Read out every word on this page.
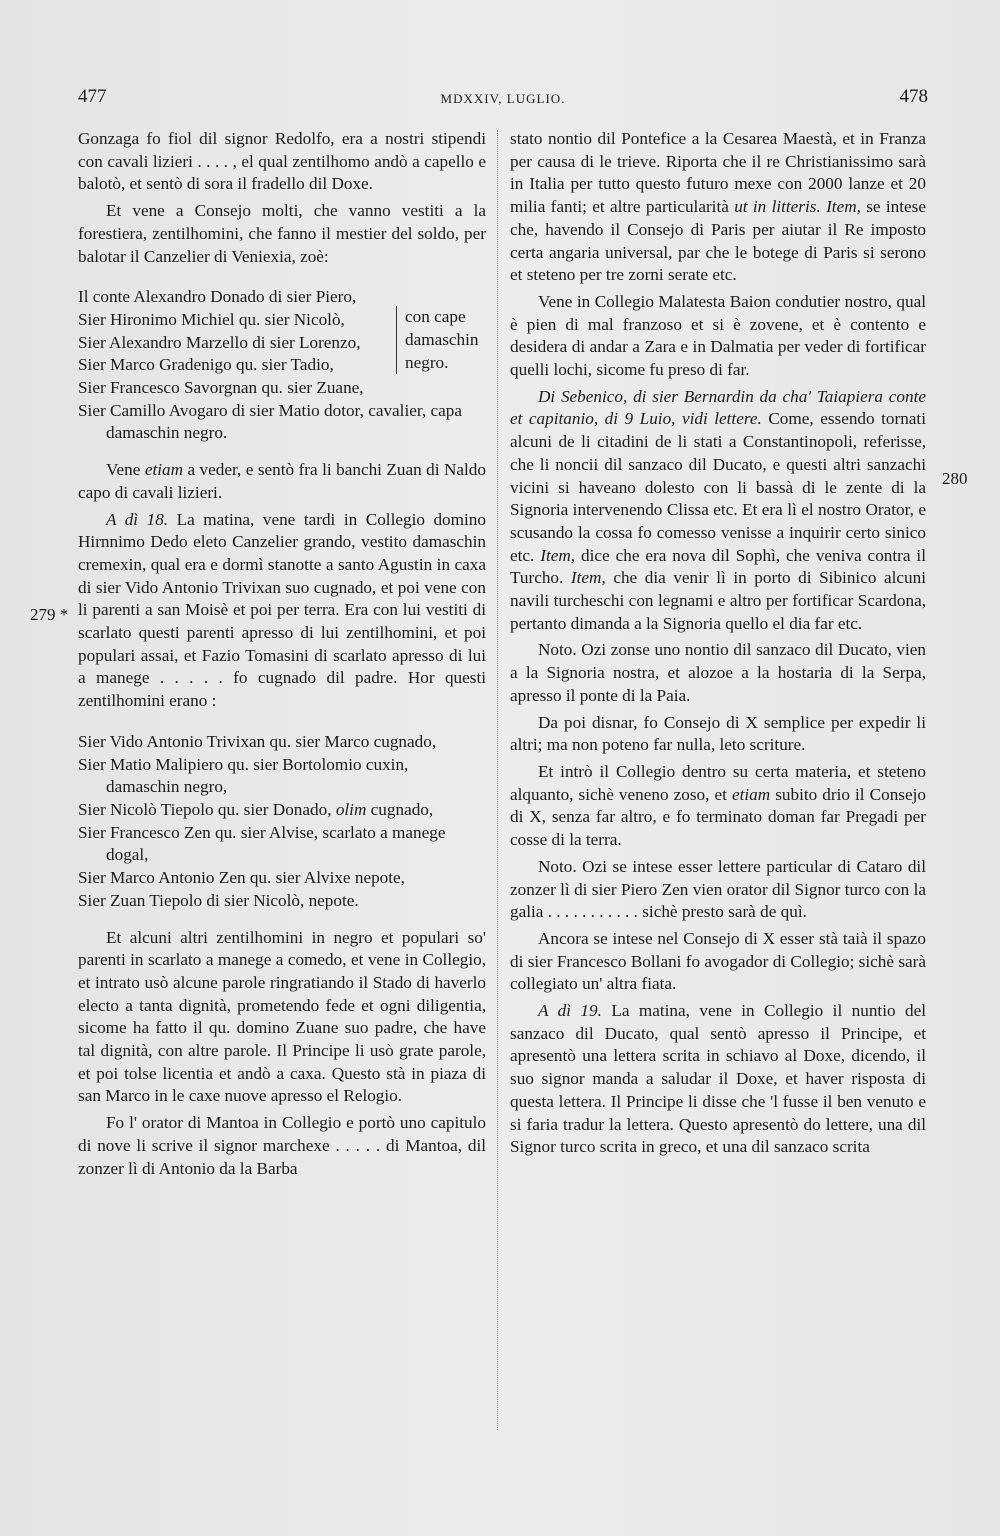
477	MDXXIV, LUGLIO.	478
279 *
280

Gonzaga fo fiol dil signor Redolfo, era a nostri stipendi con cavali lizieri . . . . , el qual zentilhomo andò a capello e balotò, et sentò di sora il fradello dil Doxe.

Et vene a Consejo molti, che vanno vestiti a la forestiera, zentilhomini, che fanno il mestier del soldo, per balotar il Canzelier di Veniexia, zoè:

Il conte Alexandro Donado di sier Piero,
Sier Hironimo Michiel qu. sier Nicolò,
Sier Alexandro Marzello di sier Lorenzo,
Sier Marco Gradenigo qu. sier Tadio,
con cape damaschin negro.
Sier Francesco Savorgnan qu. sier Zuane,
Sier Camillo Avogaro di sier Matio dotor, cavalier, capa damaschin negro.

Vene etiam a veder, e sentò fra li banchi Zuan di Naldo capo di cavali lizieri.

A dì 18. La matina, vene tardi in Collegio domino Hirnnimo Dedo eleto Canzelier grando, vestito damaschin cremexin, qual era e dormì stanotte a santo Agustin in caxa di sier Vido Antonio Trivixan suo cugnado, et poi vene con li parenti a san Moisè et poi per terra. Era con lui vestiti di scarlato questi parenti apresso di lui zentilhomini, et poi populari assai, et Fazio Tomasini di scarlato apresso di lui a manege . . . . . fo cugnado dil padre. Hor questi zentilhomini erano :

Sier Vido Antonio Trivixan qu. sier Marco cugnado,
Sier Matio Malipiero qu. sier Bortolomio cuxin, damaschin negro,
Sier Nicolò Tiepolo qu. sier Donado, olim cugnado,
Sier Francesco Zen qu. sier Alvise, scarlato a manege dogal,
Sier Marco Antonio Zen qu. sier Alvixe nepote,
Sier Zuan Tiepolo di sier Nicolò, nepote.

Et alcuni altri zentilhomini in negro et populari so' parenti in scarlato a manege a comedo, et vene in Collegio, et intrato usò alcune parole ringratiando il Stado di haverlo electo a tanta dignità, prometendo fede et ogni diligentia, sicome ha fatto il qu. domino Zuane suo padre, che have tal dignità, con altre parole. Il Principe li usò grate parole, et poi tolse licentia et andò a caxa. Questo stà in piaza di san Marco in le caxe nuove apresso el Relogio.

Fo l' orator di Mantoa in Collegio e portò uno capitulo di nove li scrive il signor marchexe . . . . . di Mantoa, dil zonzer lì di Antonio da la Barba

stato nontio dil Pontefice a la Cesarea Maestà, et in Franza per causa di le trieve. Riporta che il re Christianissimo sarà in Italia per tutto questo futuro mexe con 2000 lanze et 20 milia fanti; et altre particularità ut in litteris. Item, se intese che, havendo il Consejo di Paris per aiutar il Re imposto certa angaria universal, par che le botege di Paris si serono et steteno per tre zorni serate etc.

Vene in Collegio Malatesta Baion condutier nostro, qual è pien di mal franzoso et si è zovene, et è contento e desidera di andar a Zara e in Dalmatia per veder di fortificar quelli lochi, sicome fu preso di far.

Di Sebenico, di sier Bernardin da cha' Taiapiera conte et capitanio, di 9 Luio, vidi lettere. Come, essendo tornati alcuni de li citadini de li stati a Constantinopoli, referisse, che li noncii dil sanzaco dil Ducato, e questi altri sanzachi vicini si haveano dolesto con li bassà di le zente di la Signoria intervenendo Clissa etc. Et era lì el nostro Orator, e scusando la cossa fo comesso venisse a inquirir certo sinico etc. Item, dice che era nova dil Sophì, che veniva contra il Turcho. Item, che dia venir lì in porto di Sibinico alcuni navili turcheschi con legnami e altro per fortificar Scardona, pertanto dimanda a la Signoria quello el dia far etc.

Noto. Ozi zonse uno nontio dil sanzaco dil Ducato, vien a la Signoria nostra, et alozoe a la hostaria di la Serpa, apresso il ponte di la Paia.

Da poi disnar, fo Consejo di X semplice per expedir li altri; ma non poteno far nulla, leto scriture.

Et intrò il Collegio dentro su certa materia, et steteno alquanto, sichè veneno zoso, et etiam subito drio il Consejo di X, senza far altro, e fo terminato doman far Pregadi per cosse di la terra.

Noto. Ozi se intese esser lettere particular di Cataro dil zonzer lì di sier Piero Zen vien orator dil Signor turco con la galia . . . . . . . . . . . sichè presto sarà de quì.

Ancora se intese nel Consejo di X esser stà taià il spazo di sier Francesco Bollani fo avogador di Collegio; sichè sarà collegiato un' altra fiata.

A dì 19. La matina, vene in Collegio il nuntio del sanzaco dil Ducato, qual sentò apresso il Principe, et apresentò una lettera scrita in schiavo al Doxe, dicendo, il suo signor manda a saludar il Doxe, et haver risposta di questa lettera. Il Principe li disse che 'l fusse il ben venuto e si faria tradur la lettera. Questo apresentò do lettere, una dil Signor turco scrita in greco, et una dil sanzaco scrita
